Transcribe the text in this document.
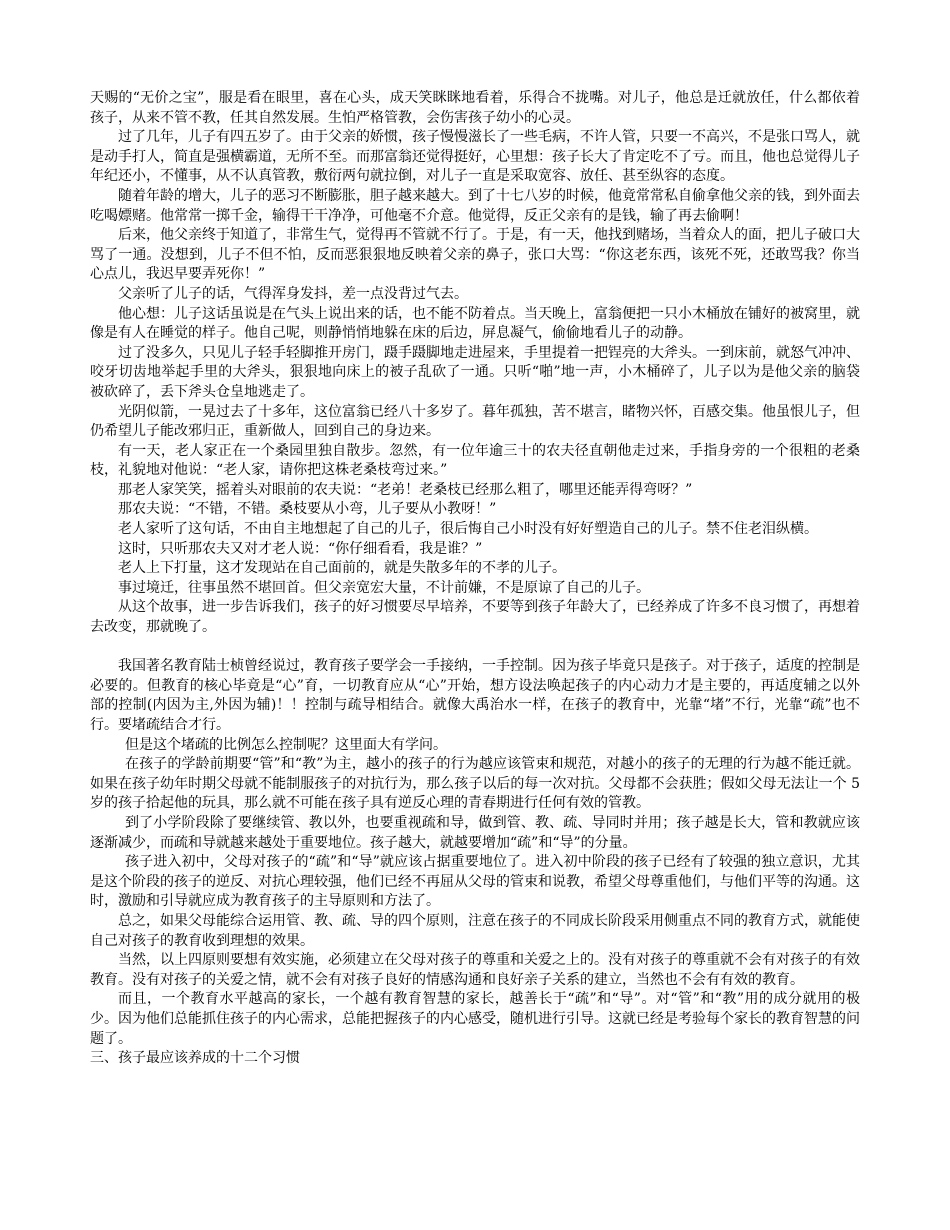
天赐的“无价之宝”，服是看在眼里，喜在心头，成天笑眯眯地看着，乐得合不拢嘴。对儿子，他总是迁就放任，什么都依着孩子，从来不管不教，任其自然发展。生怕严格管教，会伤害孩子幼小的心灵。

过了几年，儿子有四五岁了。由于父亲的娇惯，孩子慢慢滋长了一些毛病，不许人管，只要一不高兴，不是张口骂人，就是动手打人，简直是强横霸道，无所不至。而那富翁还觉得挺好，心里想：孩子长大了肯定吃不了亏。而且，他也总觉得儿子年纪还小，不懂事，从不认真管教，敷衍两句就拉倒，对儿子一直是采取宽容、放任、甚至纵容的态度。

随着年龄的增大，儿子的恶习不断膨胀，胆子越来越大。到了十七八岁的时候，他竟常常私自偷拿他父亲的钱，到外面去吃喝嫖赌。他常常一掷千金，输得干干净净，可他毫不介意。他觉得，反正父亲有的是钱，输了再去偷啊！

后来，他父亲终于知道了，非常生气，觉得再不管就不行了。于是，有一天，他找到赌场，当着众人的面，把儿子破口大骂了一通。没想到，儿子不但不怕，反而恶狠狠地反映着父亲的鼻子，张口大骂：“你这老东西，该死不死，还敢骂我？你当心点儿，我迟早要弄死你！”

父亲听了儿子的话，气得浑身发抖，差一点没背过气去。

他心想：儿子这话虽说是在气头上说出来的话，也不能不防着点。当天晚上，富翁便把一只小木桶放在铺好的被窝里，就像是有人在睡觉的样子。他自己呢，则静悄悄地躲在床的后边，屏息凝气，偷偷地看儿子的动静。

过了没多久，只见儿子轻手轻脚推开房门，蹑手蹑脚地走进屋来，手里提着一把锃亮的大斧头。一到床前，就怒气冲冲、咬牙切齿地举起手里的大斧头，狠狠地向床上的被子乱砍了一通。只听“啪”地一声，小木桶碎了，儿子以为是他父亲的脑袋被砍碎了，丢下斧头仓皇地逃走了。

光阴似箭，一晃过去了十多年，这位富翁已经八十多岁了。暮年孤独，苦不堪言，睹物兴怀，百感交集。他虽恨儿子，但仍希望儿子能改邪归正，重新做人，回到自己的身边来。

有一天，老人家正在一个桑园里独自散步。忽然，有一位年逾三十的农夫径直朝他走过来，手指身旁的一个很粗的老桑枝，礼貌地对他说：“老人家，请你把这株老桑枝弯过来。”

那老人家笑笑，摇着头对眼前的农夫说：“老弟！老桑枝已经那么粗了，哪里还能弄得弯呀？”

那农夫说：“不错，不错。桑枝要从小弯，儿子要从小教呀！”

老人家听了这句话，不由自主地想起了自己的儿子，很后悔自己小时没有好好塑造自己的儿子。禁不住老泪纵横。

这时，只听那农夫又对才老人说：“你仔细看看，我是谁？”

老人上下打量，这才发现站在自己面前的，就是失散多年的不孝的儿子。

事过境迁，往事虽然不堪回首。但父亲宽宏大量，不计前嫌，不是原谅了自己的儿子。

从这个故事，进一步告诉我们，孩子的好习惯要尽早培养，不要等到孩子年龄大了，已经养成了许多不良习惯了，再想着去改变，那就晚了。

我国著名教育陆士桢曾经说过，教育孩子要学会一手接纳，一手控制。因为孩子毕竟只是孩子。对于孩子，适度的控制是必要的。但教育的核心毕竟是“心”育，一切教育应从“心”开始，想方设法唤起孩子的内心动力才是主要的，再适度辅之以外部的控制(内因为主,外因为辅)！！控制与疏导相结合。就像大禹治水一样，在孩子的教育中，光靠“堵”不行，光靠“疏”也不行。要堵疏结合才行。

但是这个堵疏的比例怎么控制呢？这里面大有学问。

在孩子的学龄前期要“管”和“教”为主，越小的孩子的行为越应该管束和规范，对越小的孩子的无理的行为越不能迁就。如果在孩子幼年时期父母就不能制服孩子的对抗行为，那么孩子以后的每一次对抗。父母都不会获胜；假如父母无法让一个 5 岁的孩子拾起他的玩具，那么就不可能在孩子具有逆反心理的青春期进行任何有效的管教。

到了小学阶段除了要继续管、教以外，也要重视疏和导，做到管、教、疏、导同时并用；孩子越是长大，管和教就应该逐渐减少，而疏和导就越来越处于重要地位。孩子越大，就越要增加“疏”和“导”的分量。

孩子进入初中，父母对孩子的“疏”和“导”就应该占据重要地位了。进入初中阶段的孩子已经有了较强的独立意识，尤其是这个阶段的孩子的逆反、对抗心理较强，他们已经不再屈从父母的管束和说教，希望父母尊重他们，与他们平等的沟通。这时，激励和引导就应成为教育孩子的主导原则和方法了。

总之，如果父母能综合运用管、教、疏、导的四个原则，注意在孩子的不同成长阶段采用侧重点不同的教育方式，就能使自己对孩子的教育收到理想的效果。

当然，以上四原则要想有效实施，必须建立在父母对孩子的尊重和关爱之上的。没有对孩子的尊重就不会有对孩子的有效教育。没有对孩子的关爱之情，就不会有对孩子良好的情感沟通和良好亲子关系的建立，当然也不会有有效的教育。

而且，一个教育水平越高的家长，一个越有教育智慧的家长，越善长于“疏”和“导”。对“管”和“教”用的成分就用的极少。因为他们总能抓住孩子的内心需求，总能把握孩子的内心感受，随机进行引导。这就已经是考验每个家长的教育智慧的问题了。

三、孩子最应该养成的十二个习惯
